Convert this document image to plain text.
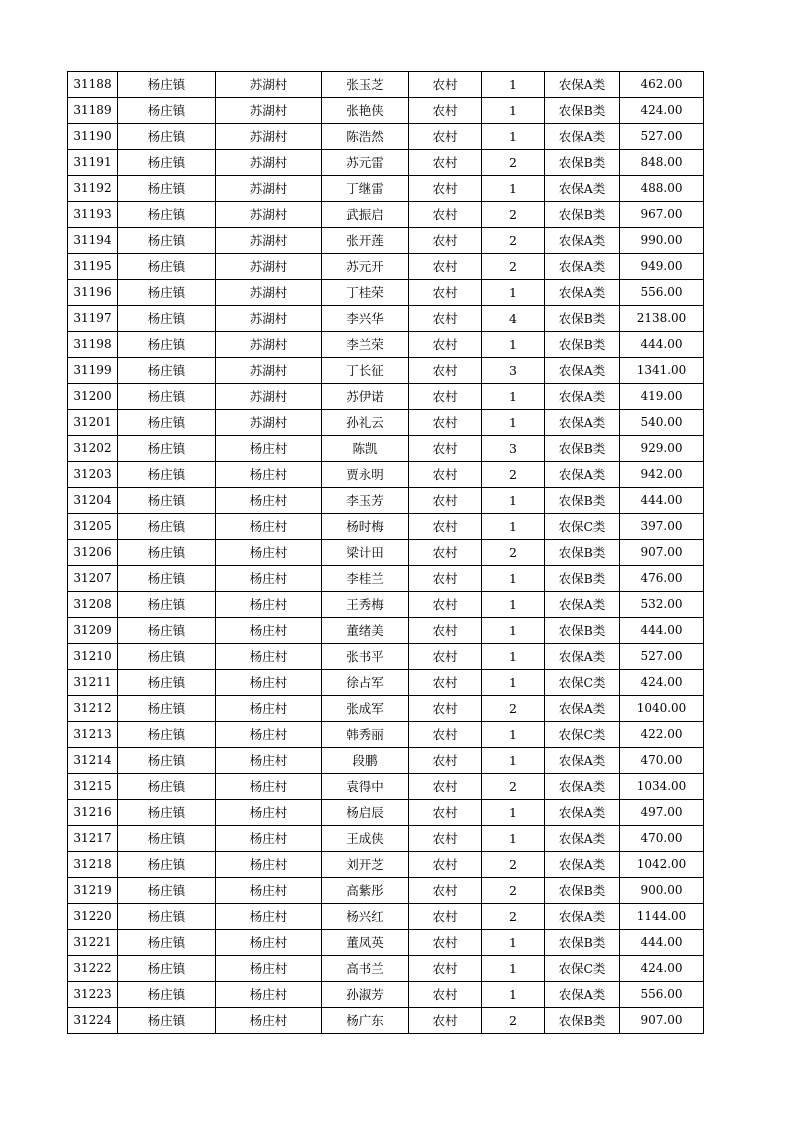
31188	杨庄镇	苏湖村	张玉芝	农村	1	农保A类	462.00
31189	杨庄镇	苏湖村	张艳侠	农村	1	农保B类	424.00
31190	杨庄镇	苏湖村	陈浩然	农村	1	农保A类	527.00
31191	杨庄镇	苏湖村	苏元雷	农村	2	农保B类	848.00
31192	杨庄镇	苏湖村	丁继雷	农村	1	农保A类	488.00
31193	杨庄镇	苏湖村	武振启	农村	2	农保B类	967.00
31194	杨庄镇	苏湖村	张开莲	农村	2	农保A类	990.00
31195	杨庄镇	苏湖村	苏元开	农村	2	农保A类	949.00
31196	杨庄镇	苏湖村	丁桂荣	农村	1	农保A类	556.00
31197	杨庄镇	苏湖村	李兴华	农村	4	农保B类	2138.00
31198	杨庄镇	苏湖村	李兰荣	农村	1	农保B类	444.00
31199	杨庄镇	苏湖村	丁长征	农村	3	农保A类	1341.00
31200	杨庄镇	苏湖村	苏伊诺	农村	1	农保A类	419.00
31201	杨庄镇	苏湖村	孙礼云	农村	1	农保A类	540.00
31202	杨庄镇	杨庄村	陈凯	农村	3	农保B类	929.00
31203	杨庄镇	杨庄村	贾永明	农村	2	农保A类	942.00
31204	杨庄镇	杨庄村	李玉芳	农村	1	农保B类	444.00
31205	杨庄镇	杨庄村	杨时梅	农村	1	农保C类	397.00
31206	杨庄镇	杨庄村	梁计田	农村	2	农保B类	907.00
31207	杨庄镇	杨庄村	李桂兰	农村	1	农保B类	476.00
31208	杨庄镇	杨庄村	王秀梅	农村	1	农保A类	532.00
31209	杨庄镇	杨庄村	董绪美	农村	1	农保B类	444.00
31210	杨庄镇	杨庄村	张书平	农村	1	农保A类	527.00
31211	杨庄镇	杨庄村	徐占军	农村	1	农保C类	424.00
31212	杨庄镇	杨庄村	张成军	农村	2	农保A类	1040.00
31213	杨庄镇	杨庄村	韩秀丽	农村	1	农保C类	422.00
31214	杨庄镇	杨庄村	段鹏	农村	1	农保A类	470.00
31215	杨庄镇	杨庄村	袁得中	农村	2	农保A类	1034.00
31216	杨庄镇	杨庄村	杨启辰	农村	1	农保A类	497.00
31217	杨庄镇	杨庄村	王成侠	农村	1	农保A类	470.00
31218	杨庄镇	杨庄村	刘开芝	农村	2	农保A类	1042.00
31219	杨庄镇	杨庄村	高紫彤	农村	2	农保B类	900.00
31220	杨庄镇	杨庄村	杨兴红	农村	2	农保A类	1144.00
31221	杨庄镇	杨庄村	董凤英	农村	1	农保B类	444.00
31222	杨庄镇	杨庄村	高书兰	农村	1	农保C类	424.00
31223	杨庄镇	杨庄村	孙淑芳	农村	1	农保A类	556.00
31224	杨庄镇	杨庄村	杨广东	农村	2	农保B类	907.00
